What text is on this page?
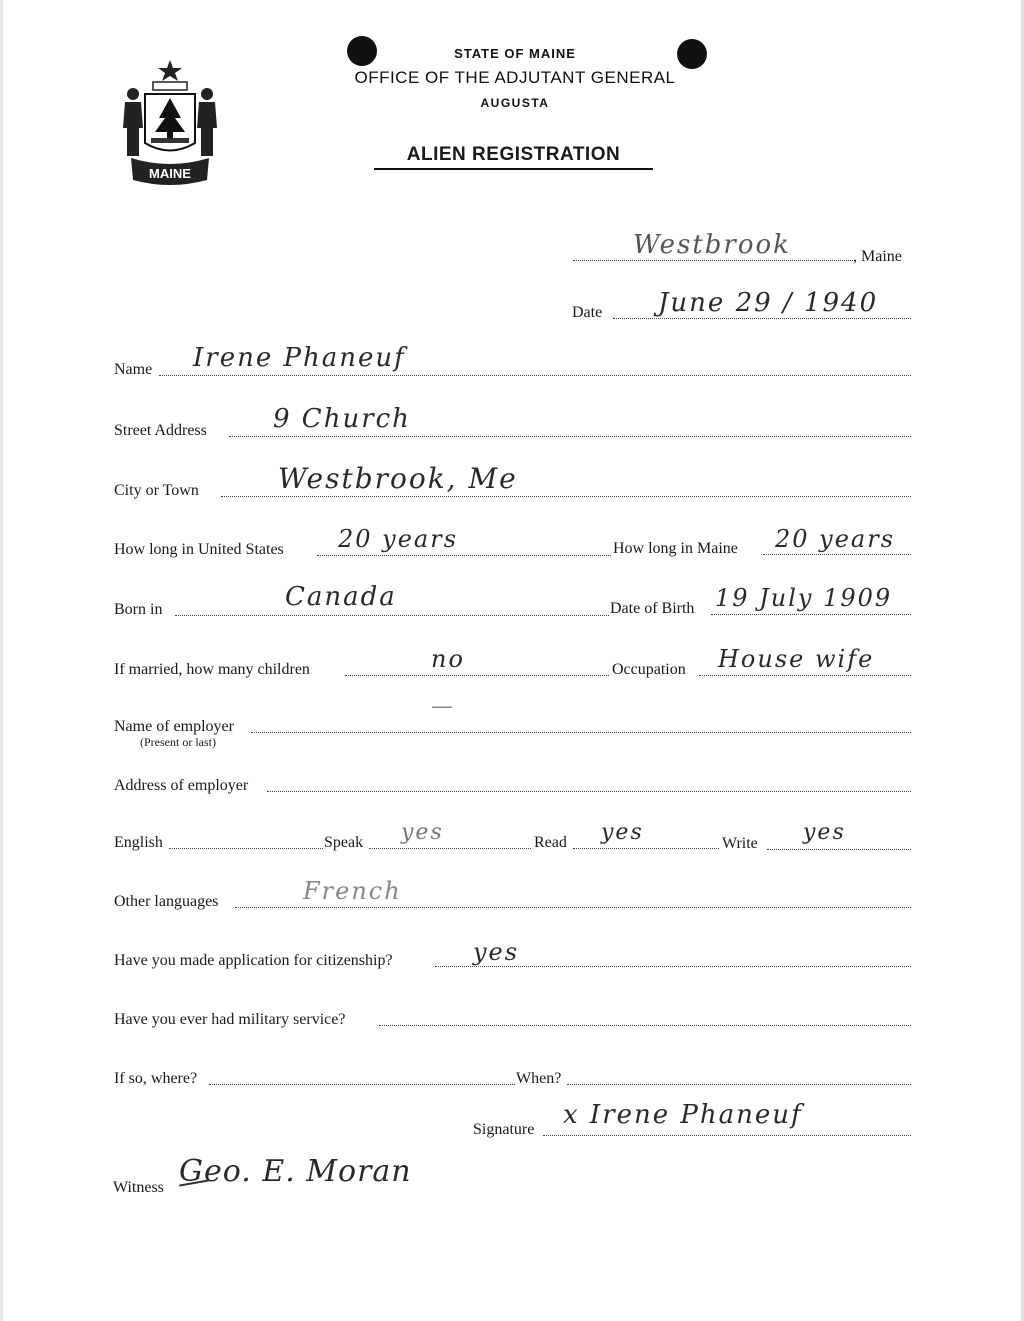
MAINE
STATE OF MAINE
OFFICE OF THE ADJUTANT GENERAL
AUGUSTA
ALIEN REGISTRATION
Westbrook	, Maine
Date June 29 / 1940
Name Irene Phaneuf
Street Address	9 Church
City or Town	Westbrook, Me
How long in United States 20 years	How long in Maine 20 years
Born in	Canada	Date of Birth 19 July 1909
If married, how many children	no	Occupation House wife
Name of employer
(Present or last)
—
Address of employer
English	Speak yes	Read yes	Write yes
Other languages	French
Have you made application for citizenship?	yes
Have you ever had military service?
If so, where?	When?
Signature x Irene Phaneuf
Witness Geo. E. Moran
